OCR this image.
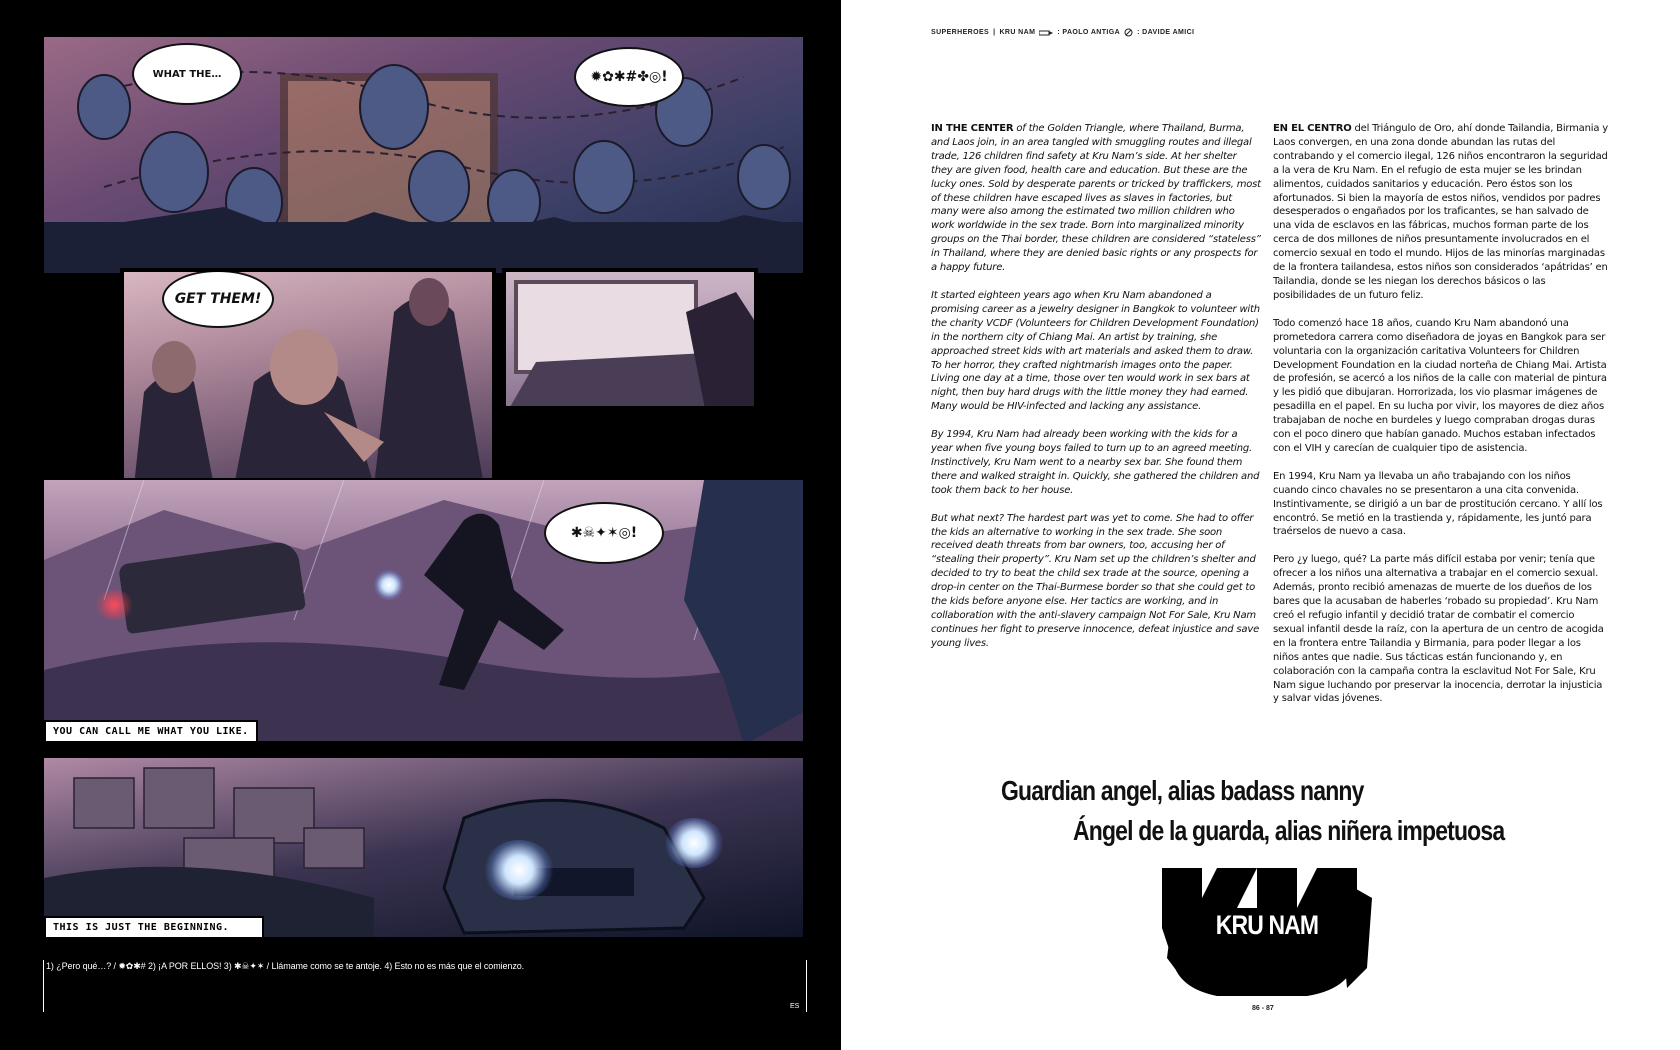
WHAT THE…	✹✿✱#✤◎!
GET THEM!
✱☠✦✶◎!
YOU CAN CALL ME WHAT YOU LIKE.
THIS IS JUST THE BEGINNING.
1) ¿Pero qué…? / ✹✿✱# 2) ¡A POR ELLOS! 3) ✱☠✦✶ / Llámame como se te antoje. 4) Esto no es más que el comienzo.
ES
SUPERHEROES | KRU NAM	: PAOLO ANTIGA : DAVIDE AMICI

IN THE CENTER of the Golden Triangle, where Thailand, Burma, and Laos join, in an area tangled with smuggling routes and illegal trade, 126 children find safety at Kru Nam’s side. At her shelter they are given food, health care and education. But these are the lucky ones. Sold by desperate parents or tricked by traffickers, most of these children have escaped lives as slaves in factories, but many were also among the estimated two million children who work worldwide in the sex trade. Born into marginalized minority groups on the Thai border, these children are considered “stateless” in Thailand, where they are denied basic rights or any prospects for a happy future.

It started eighteen years ago when Kru Nam abandoned a promising career as a jewelry designer in Bangkok to volunteer with the charity VCDF (Volunteers for Children Development Foundation) in the northern city of Chiang Mai. An artist by training, she approached street kids with art materials and asked them to draw. To her horror, they crafted nightmarish images onto the paper. Living one day at a time, those over ten would work in sex bars at night, then buy hard drugs with the little money they had earned. Many would be HIV-infected and lacking any assistance.

By 1994, Kru Nam had already been working with the kids for a year when five young boys failed to turn up to an agreed meeting. Instinctively, Kru Nam went to a nearby sex bar. She found them there and walked straight in. Quickly, she gathered the children and took them back to her house.

But what next? The hardest part was yet to come. She had to offer the kids an alternative to working in the sex trade. She soon received death threats from bar owners, too, accusing her of “stealing their property”. Kru Nam set up the children’s shelter and decided to try to beat the child sex trade at the source, opening a drop-in center on the Thai-Burmese border so that she could get to the kids before anyone else. Her tactics are working, and in collaboration with the anti-slavery campaign Not For Sale, Kru Nam continues her fight to preserve innocence, defeat injustice and save young lives.

EN EL CENTRO del Triángulo de Oro, ahí donde Tailandia, Birmania y Laos convergen, en una zona donde abundan las rutas del contrabando y el comercio ilegal, 126 niños encontraron la seguridad a la vera de Kru Nam. En el refugio de esta mujer se les brindan alimentos, cuidados sanitarios y educación. Pero éstos son los afortunados. Si bien la mayoría de estos niños, vendidos por padres desesperados o engañados por los traficantes, se han salvado de una vida de esclavos en las fábricas, muchos forman parte de los cerca de dos millones de niños presuntamente involucrados en el comercio sexual en todo el mundo. Hijos de las minorías marginadas de la frontera tailandesa, estos niños son considerados ‘apátridas’ en Tailandia, donde se les niegan los derechos básicos o las posibilidades de un futuro feliz.

Todo comenzó hace 18 años, cuando Kru Nam abandonó una prometedora carrera como diseñadora de joyas en Bangkok para ser voluntaria con la organización caritativa Volunteers for Children Development Foundation en la ciudad norteña de Chiang Mai. Artista de profesión, se acercó a los niños de la calle con material de pintura y les pidió que dibujaran. Horrorizada, los vio plasmar imágenes de pesadilla en el papel. En su lucha por vivir, los mayores de diez años trabajaban de noche en burdeles y luego compraban drogas duras con el poco dinero que habían ganado. Muchos estaban infectados con el VIH y carecían de cualquier tipo de asistencia.

En 1994, Kru Nam ya llevaba un año trabajando con los niños cuando cinco chavales no se presentaron a una cita convenida. Instintivamente, se dirigió a un bar de prostitución cercano. Y allí los encontró. Se metió en la trastienda y, rápidamente, les juntó para traérselos de nuevo a casa.

Pero ¿y luego, qué? La parte más difícil estaba por venir; tenía que ofrecer a los niños una alternativa a trabajar en el comercio sexual. Además, pronto recibió amenazas de muerte de los dueños de los bares que la acusaban de haberles ‘robado su propiedad’. Kru Nam creó el refugio infantil y decidió tratar de combatir el comercio sexual infantil desde la raíz, con la apertura de un centro de acogida en la frontera entre Tailandia y Birmania, para poder llegar a los niños antes que nadie. Sus tácticas están funcionando y, en colaboración con la campaña contra la esclavitud Not For Sale, Kru Nam sigue luchando por preservar la inocencia, derrotar la injusticia y salvar vidas jóvenes.

Guardian angel, alias badass nanny
Ángel de la guarda, alias niñera impetuosa
KRU NAM
86 - 87
